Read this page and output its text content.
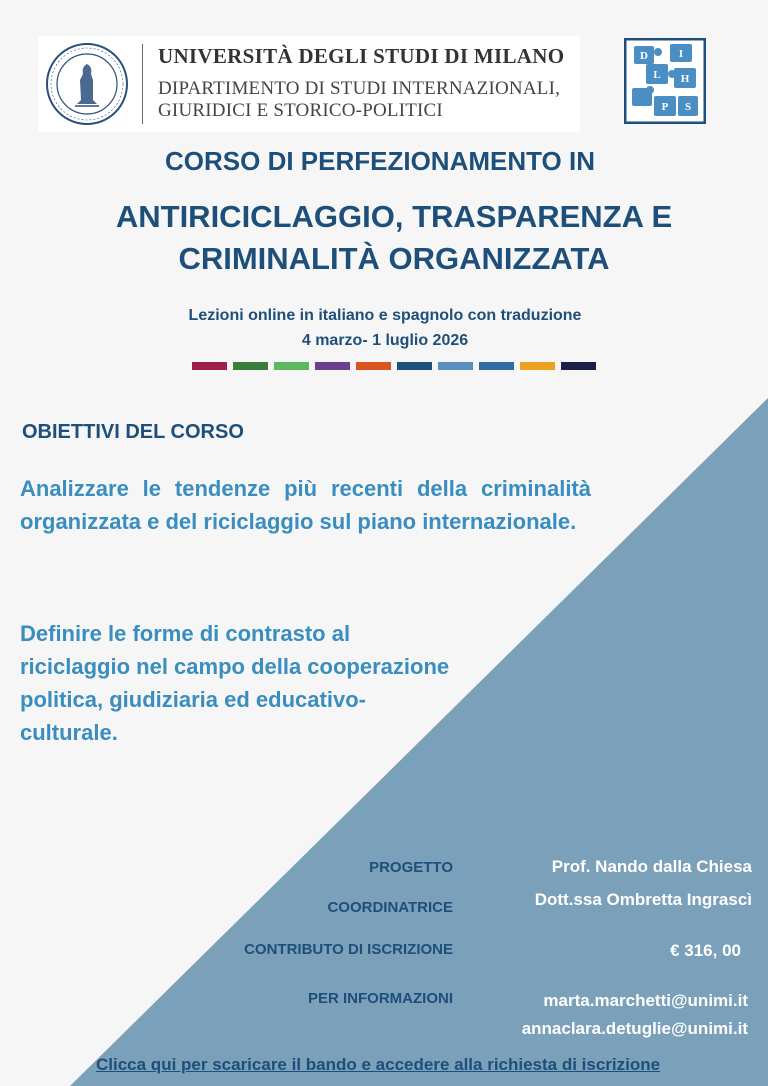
UNIVERSITÀ DEGLI STUDI DI MILANO
DIPARTIMENTO DI STUDI INTERNAZIONALI,
GIURIDICI E STORICO-POLITICI
D	I
L H
P S
CORSO DI PERFEZIONAMENTO IN
ANTIRICICLAGGIO, TRASPARENZA E
CRIMINALITÀ ORGANIZZATA
Lezioni online in italiano e spagnolo con traduzione
4 marzo- 1 luglio 2026
OBIETTIVI DEL CORSO
Analizzare le tendenze più recenti della criminalità organizzata e del riciclaggio sul piano internazionale.
Definire le forme di contrasto al riciclaggio nel campo della cooperazione politica, giudiziaria ed educativo-culturale.
PROGETTO	Prof. Nando dalla Chiesa
COORDINATRICE	Dott.ssa Ombretta Ingrascì
CONTRIBUTO DI ISCRIZIONE	€ 316, 00
PER INFORMAZIONI	marta.marchetti@unimi.it
annaclara.detuglie@unimi.it
Clicca qui per scaricare il bando e accedere alla richiesta di iscrizione
